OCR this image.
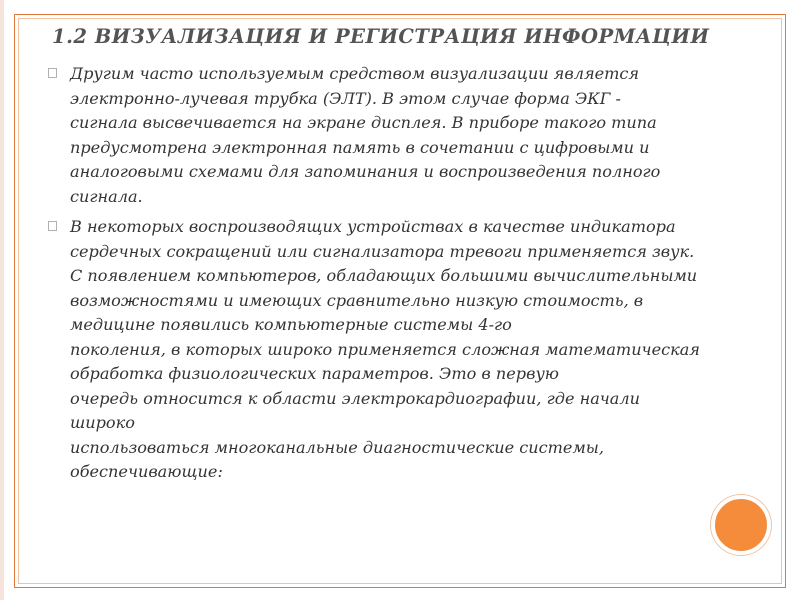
1.2 ВИЗУАЛИЗАЦИЯ И РЕГИСТРАЦИЯ ИНФОРМАЦИИ
Другим часто используемым средством визуализации является
электронно-лучевая трубка (ЭЛТ). В этом случае форма ЭКГ -
сигнала высвечивается на экране дисплея. В приборе такого типа
предусмотрена электронная память в сочетании с цифровыми и
аналоговыми схемами для запоминания и воспроизведения полного
сигнала.
В некоторых воспроизводящих устройствах в качестве индикатора
сердечных сокращений или сигнализатора тревоги применяется звук.
С появлением компьютеров, обладающих большими вычислительными
возможностями и имеющих сравнительно низкую стоимость, в
медицине появились компьютерные системы 4-го
поколения, в которых широко применяется сложная математическая
обработка физиологических параметров. Это в первую
очередь относится к области электрокардиографии, где начали
широко
использоваться многоканальные диагностические системы,
обеспечивающие:
